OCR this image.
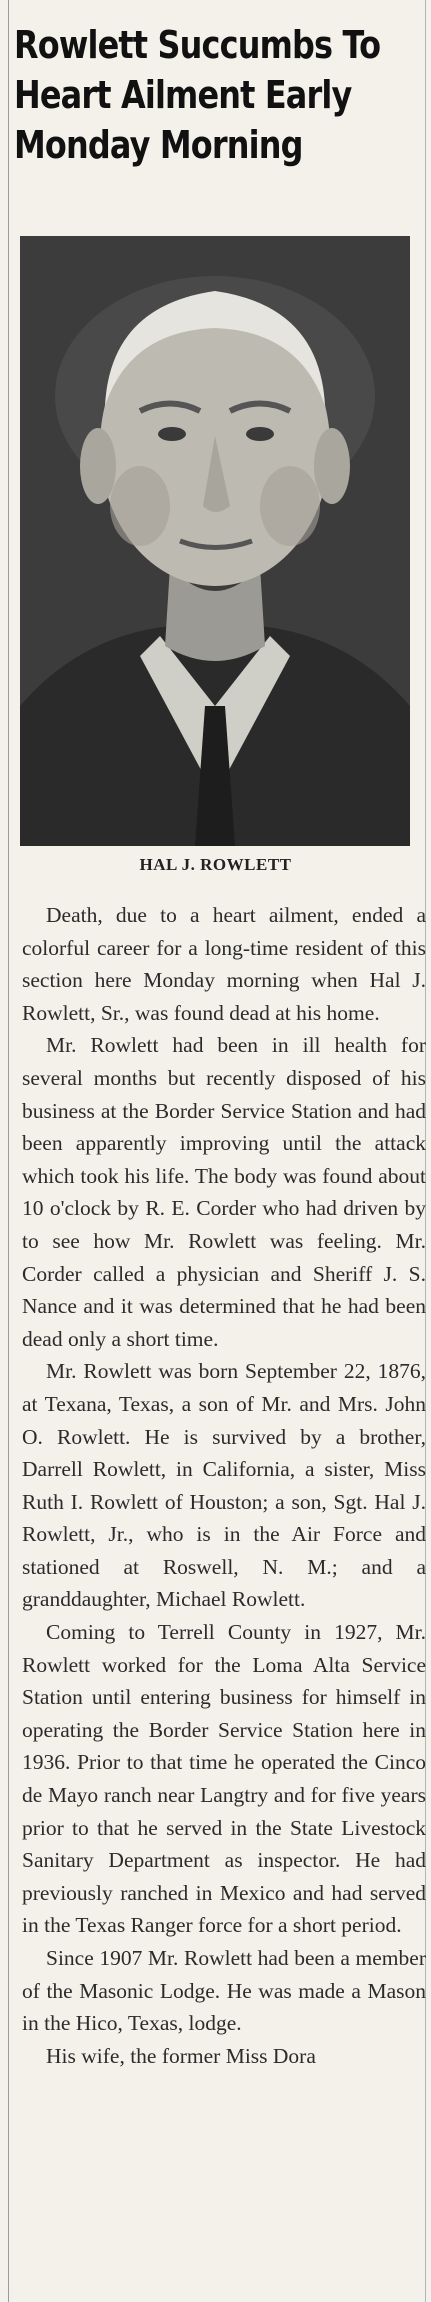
Rowlett Succumbs To
Heart Ailment Early
Monday Morning
HAL J. ROWLETT

Death, due to a heart ailment, ended a colorful career for a long-time resident of this section here Monday morning when Hal J. Rowlett, Sr., was found dead at his home.

Mr. Rowlett had been in ill health for several months but recently disposed of his business at the Border Service Station and had been apparently improving until the attack which took his life. The body was found about 10 o'clock by R. E. Corder who had driven by to see how Mr. Rowlett was feeling. Mr. Corder called a physician and Sheriff J. S. Nance and it was determined that he had been dead only a short time.

Mr. Rowlett was born September 22, 1876, at Texana, Texas, a son of Mr. and Mrs. John O. Rowlett. He is survived by a brother, Darrell Rowlett, in California, a sister, Miss Ruth I. Rowlett of Houston; a son, Sgt. Hal J. Rowlett, Jr., who is in the Air Force and stationed at Roswell, N. M.; and a granddaughter, Michael Rowlett.

Coming to Terrell County in 1927, Mr. Rowlett worked for the Loma Alta Service Station until entering business for himself in operating the Border Service Station here in 1936. Prior to that time he operated the Cinco de Mayo ranch near Langtry and for five years prior to that he served in the State Livestock Sanitary Department as inspector. He had previously ranched in Mexico and had served in the Texas Ranger force for a short period.

Since 1907 Mr. Rowlett had been a member of the Masonic Lodge. He was made a Mason in the Hico, Texas, lodge.

His wife, the former Miss Dora
